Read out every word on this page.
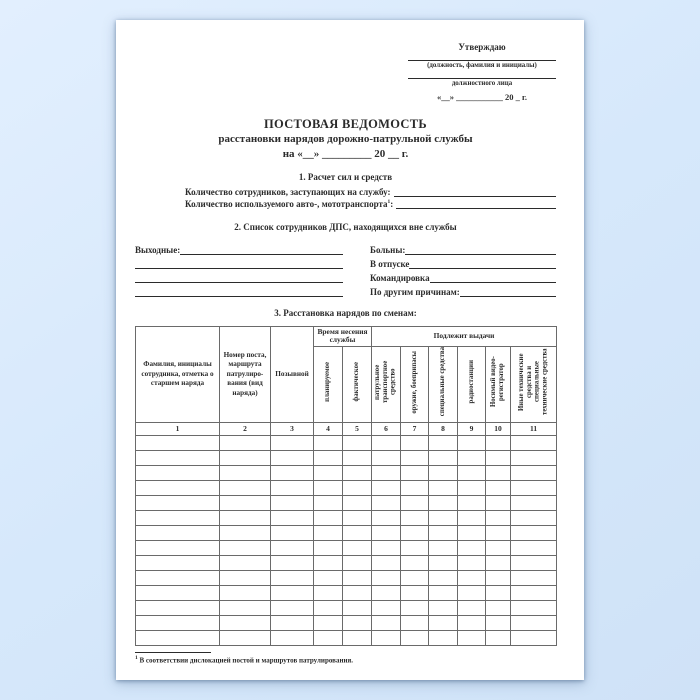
Утверждаю
(должность, фамилия и инициалы)
должностного лица
«__» ___________ 20 _ г.
ПОСТОВАЯ ВЕДОМОСТЬ
расстановки нарядов дорожно-патрульной службы
на «__» _________ 20 __ г.
1. Расчет сил и средств
Количество сотрудников, заступающих на службу:
Количество используемого авто-, мототранспорта$^1$:
2. Список сотрудников ДПС, находящихся вне службы
Выходные:	Больны:
В отпуске
Командировка
По другим причинам:
3. Расстановка нарядов по сменам:
Фамилия, инициалы сотрудника, отметка о старшем наряда	Номер поста, маршрута патрулиро-вания (вид наряда)	Позывной	Время несения службы		Подлежит выдачи					
			планируемое	фактическое	патрульное транспортное средство	оружие, боеприпасы	специальные средства	радиостанции	Носимый видео-регистратор	Иные технические средства и специальные технические средства
1	2	3	4	5	6	7	8	9	10	11

$^1$ В соответствии дислокацией постой и маршрутов патрулирования.
